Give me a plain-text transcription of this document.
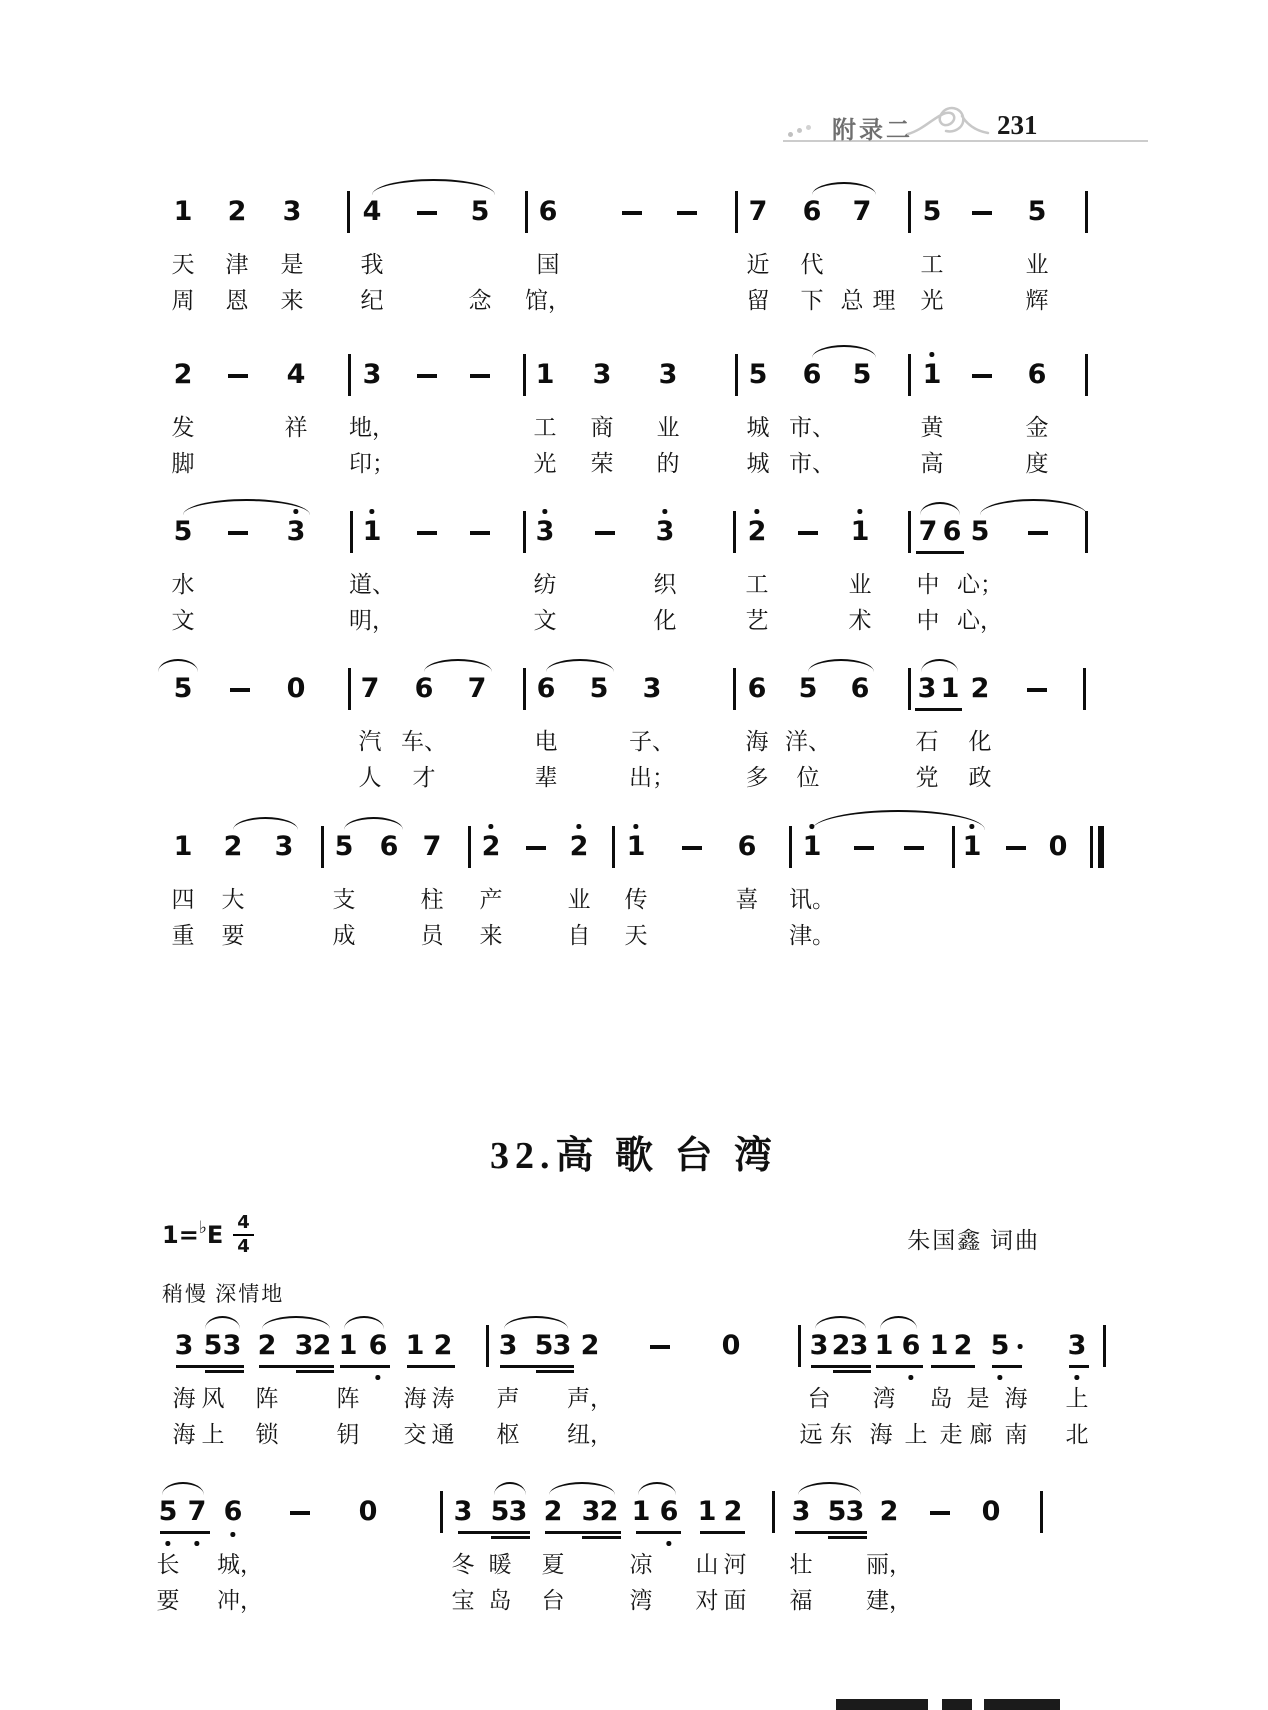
附录二	231
1 2 3 4	5 6	7 6 7 5	5
天 津 是 我	国	近 代	工	业
周 恩 来 纪	念 馆，	留 下 总 理 光	辉
2	4 3	1 3 3	5 6 5 1	6
发	祥 地，	工 商 业	城 市、	黄	金
脚	印；	光 荣 的	城 市、	高	度
5	3 1	3	3	2	1 7 6 5
水	道、	纺	织	工	业 中 心；
文	明，	文	化	艺	术 中 心，
5	0 7 6 7 6 5 3	6 5 6 3 1 2
汽 车、	电	子、	海 洋、	石 化
人 才	辈	出；	多 位	党 政
1 2 3 5 6 7 2	2 1	6 1	1 0
四 大	支	柱 产	业 传	喜 讯。
重 要	成	员 来	自 天	津。
3 5 3 2 3 2 1 6 1 2 3 5 3 2	0	3 2 3 1 6 1 2 5 3
海 风 阵	阵 海 涛 声 声，	台 湾 岛 是 海 上
海 上 锁	钥 交 通 枢 纽，	远 东 海 上 走 廊 南 北
5 7 6	0	3 5 3 2 3 2 1 6 1 2 3 5 3 2	0
长 城，	冬 暖 夏	凉 山 河 壮 丽，
要 冲，	宝 岛 台	湾 对 面 福 建，
32.高 歌 台 湾
1= ♭ E $\frac{4}{4}$	朱国鑫 词曲
稍慢 深情地
